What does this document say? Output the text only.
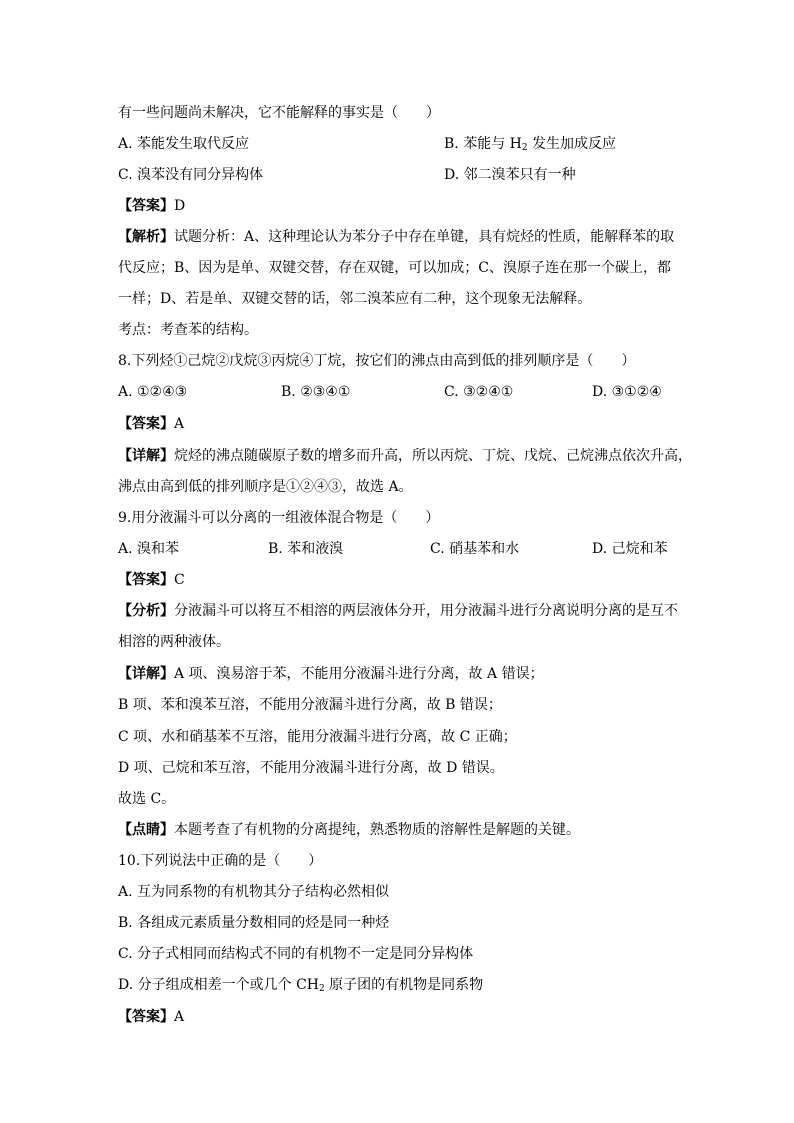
有一些问题尚未解决，它不能解释的事实是（　　）
A. 苯能发生取代反应	B. 苯能与 $H_2$ 发生加成反应
C. 溴苯没有同分异构体	D. 邻二溴苯只有一种
【答案】D
【解析】试题分析：A、这种理论认为苯分子中存在单键，具有烷烃的性质，能解释苯的取
代反应；B、因为是单、双键交替，存在双键，可以加成；C、溴原子连在那一个碳上，都
一样；D、若是单、双键交替的话，邻二溴苯应有二种，这个现象无法解释。
考点：考查苯的结构。
8.下列烃①己烷②戊烷③丙烷④丁烷，按它们的沸点由高到低的排列顺序是（　　）
A. ①②④③	B. ②③④①	C. ③②④①	D. ③①②④
【答案】A
【详解】烷烃的沸点随碳原子数的增多而升高，所以丙烷、丁烷、戊烷、己烷沸点依次升高，
沸点由高到低的排列顺序是①②④③，故选 A。
9.用分液漏斗可以分离的一组液体混合物是（　　）
A. 溴和苯	B. 苯和液溴	C. 硝基苯和水	D. 己烷和苯
【答案】C
【分析】分液漏斗可以将互不相溶的两层液体分开，用分液漏斗进行分离说明分离的是互不
相溶的两种液体。
【详解】A 项、溴易溶于苯，不能用分液漏斗进行分离，故 A 错误；
B 项、苯和溴苯互溶，不能用分液漏斗进行分离，故 B 错误；
C 项、水和硝基苯不互溶，能用分液漏斗进行分离，故 C 正确；
D 项、己烷和苯互溶，不能用分液漏斗进行分离，故 D 错误。
故选 C。
【点睛】本题考查了有机物的分离提纯，熟悉物质的溶解性是解题的关键。
10.下列说法中正确的是（　　）
A. 互为同系物的有机物其分子结构必然相似
B. 各组成元素质量分数相同的烃是同一种烃
C. 分子式相同而结构式不同的有机物不一定是同分异构体
D. 分子组成相差一个或几个 $CH_2$ 原子团的有机物是同系物
【答案】A
